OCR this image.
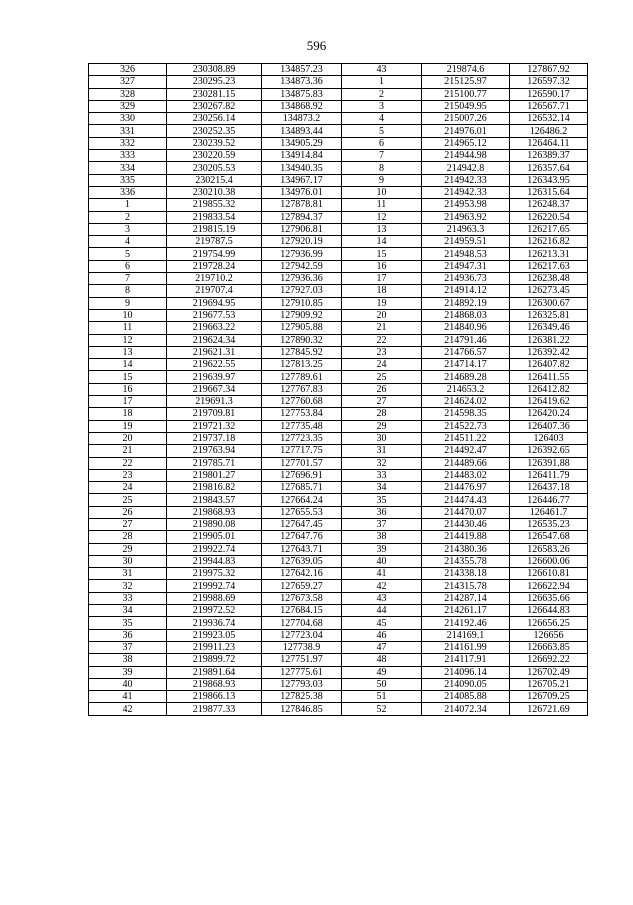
596
326	230308.89	134857.23	43	219874.6	127867.92
327	230295.23	134873.36	1	215125.97	126597.32
328	230281.15	134875.83	2	215100.77	126590.17
329	230267.82	134868.92	3	215049.95	126567.71
330	230256.14	134873.2	4	215007.26	126532.14
331	230252.35	134893.44	5	214976.01	126486.2
332	230239.52	134905.29	6	214965.12	126464.11
333	230220.59	134914.84	7	214944.98	126389.37
334	230205.53	134940.35	8	214942.8	126357.64
335	230215.4	134967.17	9	214942.33	126343.95
336	230210.38	134976.01	10	214942.33	126315.64
1	219855.32	127878.81	11	214953.98	126248.37
2	219833.54	127894.37	12	214963.92	126220.54
3	219815.19	127906.81	13	214963.3	126217.65
4	219787.5	127920.19	14	214959.51	126216.82
5	219754.99	127936.99	15	214948.53	126213.31
6	219728.24	127942.59	16	214947.31	126217.63
7	219710.2	127936.36	17	214936.73	126238.48
8	219707.4	127927.03	18	214914.12	126273.45
9	219694.95	127910.85	19	214892.19	126300.67
10	219677.53	127909.92	20	214868.03	126325.81
11	219663.22	127905.88	21	214840.96	126349.46
12	219624.34	127890.32	22	214791.46	126381.22
13	219621.31	127845.92	23	214766.57	126392.42
14	219622.55	127813.25	24	214714.17	126407.82
15	219639.97	127789.61	25	214689.28	126411.55
16	219667.34	127767.83	26	214653.2	126412.82
17	219691.3	127760.68	27	214624.02	126419.62
18	219709.81	127753.84	28	214598.35	126420.24
19	219721.32	127735.48	29	214522.73	126407.36
20	219737.18	127723.35	30	214511.22	126403
21	219763.94	127717.75	31	214492.47	126392.65
22	219785.71	127701.57	32	214489.66	126391.88
23	219801.27	127696.91	33	214483.02	126411.79
24	219816.82	127685.71	34	214476.97	126437.18
25	219843.57	127664.24	35	214474.43	126446.77
26	219868.93	127655.53	36	214470.07	126461.7
27	219890.08	127647.45	37	214430.46	126535.23
28	219905.01	127647.76	38	214419.88	126547.68
29	219922.74	127643.71	39	214380.36	126583.26
30	219944.83	127639.05	40	214355.78	126600.06
31	219975.32	127642.16	41	214338.18	126610.81
32	219992.74	127659.27	42	214315.78	126622.94
33	219988.69	127673.58	43	214287.14	126635.66
34	219972.52	127684.15	44	214261.17	126644.83
35	219936.74	127704.68	45	214192.46	126656.25
36	219923.05	127723.04	46	214169.1	126656
37	219911.23	127738.9	47	214161.99	126663.85
38	219899.72	127751.97	48	214117.91	126692.22
39	219891.64	127775.61	49	214096.14	126702.49
40	219868.93	127793.03	50	214090.05	126705.21
41	219866.13	127825.38	51	214085.88	126709.25
42	219877.33	127846.85	52	214072.34	126721.69
